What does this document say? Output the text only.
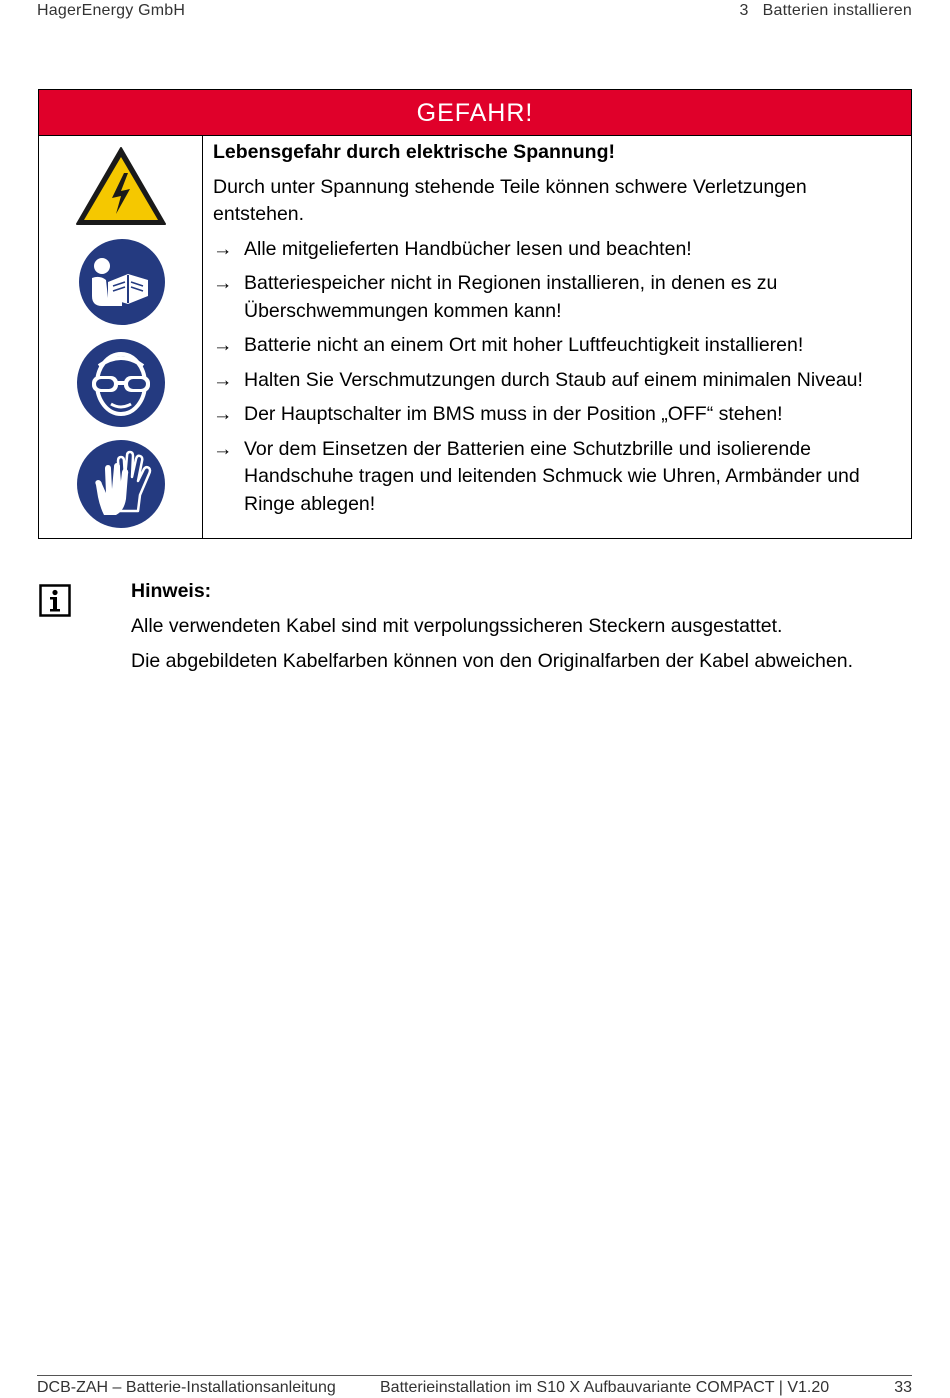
HagerEnergy GmbH	3 Batterien installieren
GEFAHR!
Lebensgefahr durch elektrische Spannung!
Durch unter Spannung stehende Teile können schwere Verletzungen entstehen.
→ Alle mitgelieferten Handbücher lesen und beachten!
→ Batteriespeicher nicht in Regionen installieren, in denen es zu Überschwemmungen kommen kann!
→ Batterie nicht an einem Ort mit hoher Luftfeuchtigkeit installieren!
→ Halten Sie Verschmutzungen durch Staub auf einem minimalen Niveau!
→ Der Hauptschalter im BMS muss in der Position „OFF“ stehen!
→ Vor dem Einsetzen der Batterien eine Schutzbrille und isolierende Handschuhe tragen und leitenden Schmuck wie Uhren, Armbänder und Ringe ablegen!

Hinweis:

Alle verwendeten Kabel sind mit verpolungssicheren Steckern ausgestattet.

Die abgebildeten Kabelfarben können von den Originalfarben der Kabel abweichen.

DCB-ZAH – Batterie-Installationsanleitung	Batterieinstallation im S10 X Aufbauvariante COMPACT | V1.20	33
